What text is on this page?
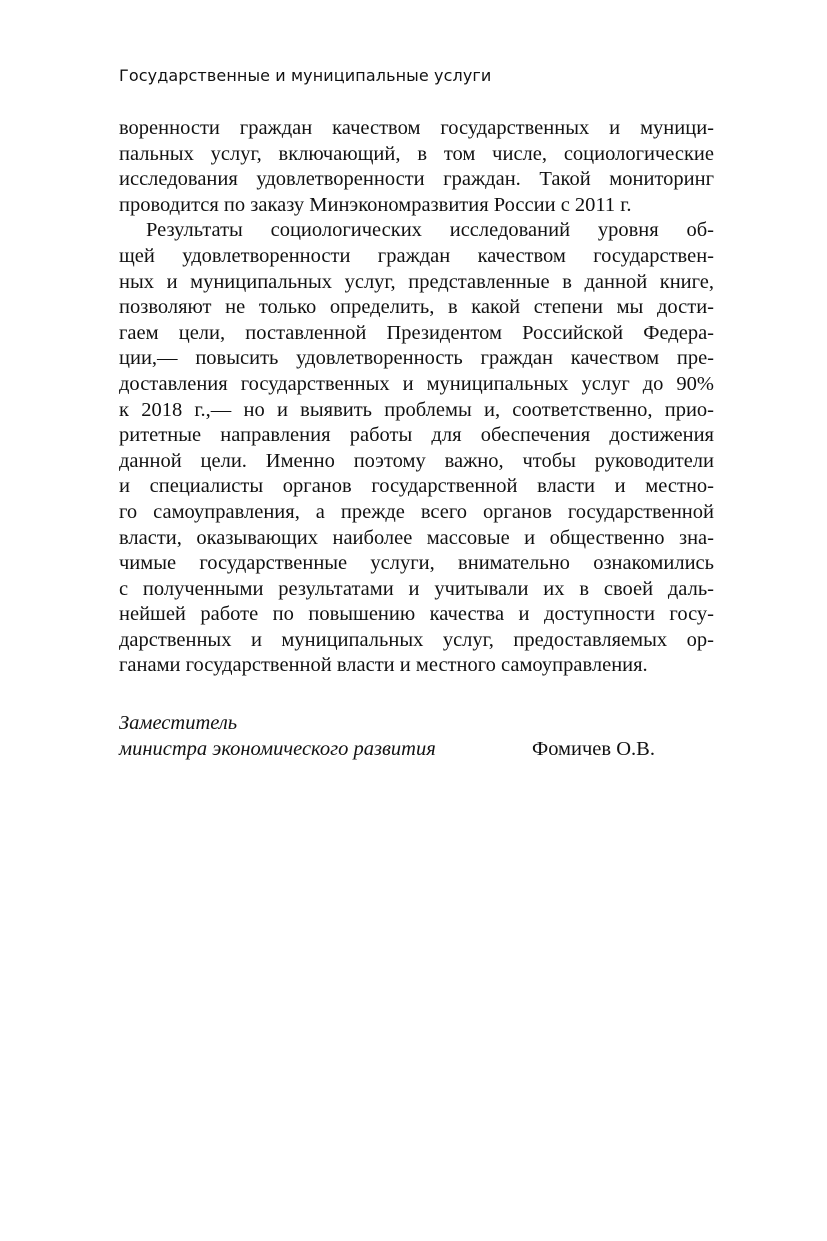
Государственные и муниципальные услуги
воренности граждан качеством государственных и муници-
пальных услуг, включающий, в том числе, социологические
исследования удовлетворенности граждан. Такой мониторинг
проводится по заказу Минэкономразвития России с 2011 г.
Результаты социологических исследований уровня об-
щей удовлетворенности граждан качеством государствен-
ных и муниципальных услуг, представленные в данной книге,
позволяют не только определить, в какой степени мы дости-
гаем цели, поставленной Президентом Российской Федера-
ции,— повысить удовлетворенность граждан качеством пре-
доставления государственных и муниципальных услуг до 90%
к 2018 г.,— но и выявить проблемы и, соответственно, прио-
ритетные направления работы для обеспечения достижения
данной цели. Именно поэтому важно, чтобы руководители
и специалисты органов государственной власти и местно-
го самоуправления, а прежде всего органов государственной
власти, оказывающих наиболее массовые и общественно зна-
чимые государственные услуги, внимательно ознакомились
с полученными результатами и учитывали их в своей даль-
нейшей работе по повышению качества и доступности госу-
дарственных и муниципальных услуг, предоставляемых ор-
ганами государственной власти и местного самоуправления.
Заместитель
министра экономического развития	Фомичев О.В.
